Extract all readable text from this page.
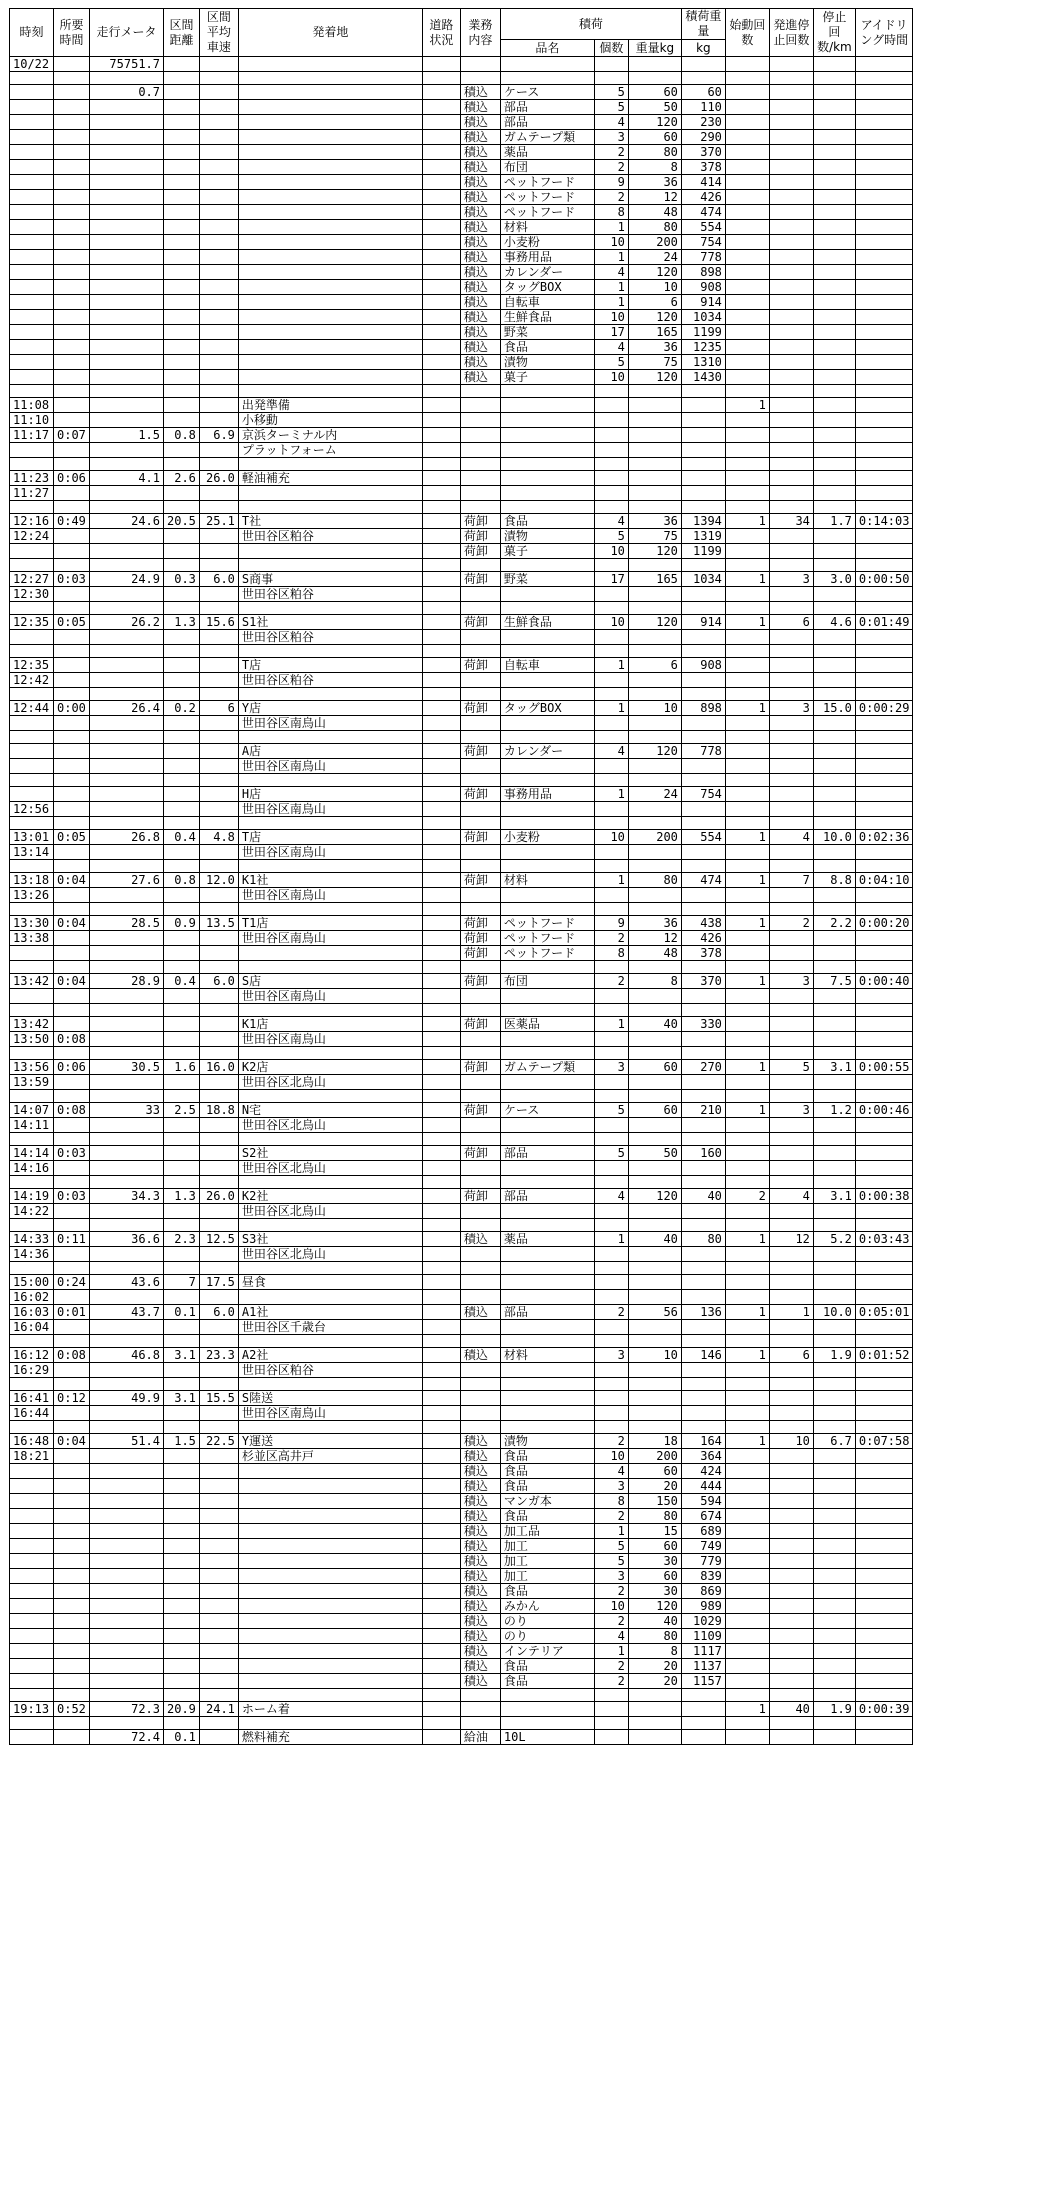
時刻	所要時間	走行メータ	区間距離	区間平均車速	発着地	道路状況	業務内容	積荷			積荷重量	始動回数	発進停止回数	停止回数/km	アイドリング時間
								品名	個数	重量kg	kg				
10/22		75751.7													

		0.7					積込	ケース	5	60	60				
							積込	部品	5	50	110				
							積込	部品	4	120	230				
							積込	ガムテープ類	3	60	290				
							積込	薬品	2	80	370				
							積込	布団	2	8	378				
							積込	ペットフード	9	36	414				
							積込	ペットフード	2	12	426				
							積込	ペットフード	8	48	474				
							積込	材料	1	80	554				
							積込	小麦粉	10	200	754				
							積込	事務用品	1	24	778				
							積込	カレンダー	4	120	898				
							積込	タッグBOX	1	10	908				
							積込	自転車	1	6	914				
							積込	生鮮食品	10	120	1034				
							積込	野菜	17	165	1199				
							積込	食品	4	36	1235				
							積込	漬物	5	75	1310				
							積込	菓子	10	120	1430				

11:08					出発準備							1			
11:10					小移動										
11:17	0:07	1.5	0.8	6.9	京浜ターミナル内										
					プラットフォーム										

11:23	0:06	4.1	2.6	26.0	軽油補充										
11:27															

12:16	0:49	24.6	20.5	25.1	T社		荷卸	食品	4	36	1394	1	34	1.7	0:14:03
12:24					世田谷区粕谷		荷卸	漬物	5	75	1319				
							荷卸	菓子	10	120	1199				

12:27	0:03	24.9	0.3	6.0	S商事		荷卸	野菜	17	165	1034	1	3	3.0	0:00:50
12:30					世田谷区粕谷										

12:35	0:05	26.2	1.3	15.6	S1社		荷卸	生鮮食品	10	120	914	1	6	4.6	0:01:49
					世田谷区粕谷										

12:35					T店		荷卸	自転車	1	6	908				
12:42					世田谷区粕谷										

12:44	0:00	26.4	0.2	6	Y店		荷卸	タッグBOX	1	10	898	1	3	15.0	0:00:29
					世田谷区南烏山										

					A店		荷卸	カレンダー	4	120	778				
					世田谷区南烏山										

					H店		荷卸	事務用品	1	24	754				
12:56					世田谷区南烏山										

13:01	0:05	26.8	0.4	4.8	T店		荷卸	小麦粉	10	200	554	1	4	10.0	0:02:36
13:14					世田谷区南烏山										

13:18	0:04	27.6	0.8	12.0	K1社		荷卸	材料	1	80	474	1	7	8.8	0:04:10
13:26					世田谷区南烏山										

13:30	0:04	28.5	0.9	13.5	T1店		荷卸	ペットフード	9	36	438	1	2	2.2	0:00:20
13:38					世田谷区南烏山		荷卸	ペットフード	2	12	426				
							荷卸	ペットフード	8	48	378				

13:42	0:04	28.9	0.4	6.0	S店		荷卸	布団	2	8	370	1	3	7.5	0:00:40
					世田谷区南烏山										

13:42					K1店		荷卸	医薬品	1	40	330				
13:50	0:08				世田谷区南烏山										

13:56	0:06	30.5	1.6	16.0	K2店		荷卸	ガムテープ類	3	60	270	1	5	3.1	0:00:55
13:59					世田谷区北烏山										

14:07	0:08	33	2.5	18.8	N宅		荷卸	ケース	5	60	210	1	3	1.2	0:00:46
14:11					世田谷区北烏山										

14:14	0:03				S2社		荷卸	部品	5	50	160				
14:16					世田谷区北烏山										

14:19	0:03	34.3	1.3	26.0	K2社		荷卸	部品	4	120	40	2	4	3.1	0:00:38
14:22					世田谷区北烏山										

14:33	0:11	36.6	2.3	12.5	S3社		積込	薬品	1	40	80	1	12	5.2	0:03:43
14:36					世田谷区北烏山										

15:00	0:24	43.6	7	17.5	昼食										
16:02															
16:03	0:01	43.7	0.1	6.0	A1社		積込	部品	2	56	136	1	1	10.0	0:05:01
16:04					世田谷区千歳台										

16:12	0:08	46.8	3.1	23.3	A2社		積込	材料	3	10	146	1	6	1.9	0:01:52
16:29					世田谷区粕谷										

16:41	0:12	49.9	3.1	15.5	S陸送										
16:44					世田谷区南烏山										

16:48	0:04	51.4	1.5	22.5	Y運送		積込	漬物	2	18	164	1	10	6.7	0:07:58
18:21					杉並区高井戸		積込	食品	10	200	364				
							積込	食品	4	60	424				
							積込	食品	3	20	444				
							積込	マンガ本	8	150	594				
							積込	食品	2	80	674				
							積込	加工品	1	15	689				
							積込	加工	5	60	749				
							積込	加工	5	30	779				
							積込	加工	3	60	839				
							積込	食品	2	30	869				
							積込	みかん	10	120	989				
							積込	のり	2	40	1029				
							積込	のり	4	80	1109				
							積込	インテリア	1	8	1117				
							積込	食品	2	20	1137				
							積込	食品	2	20	1157				

19:13	0:52	72.3	20.9	24.1	ホーム着							1	40	1.9	0:00:39

		72.4	0.1		燃料補充		給油	10L							
